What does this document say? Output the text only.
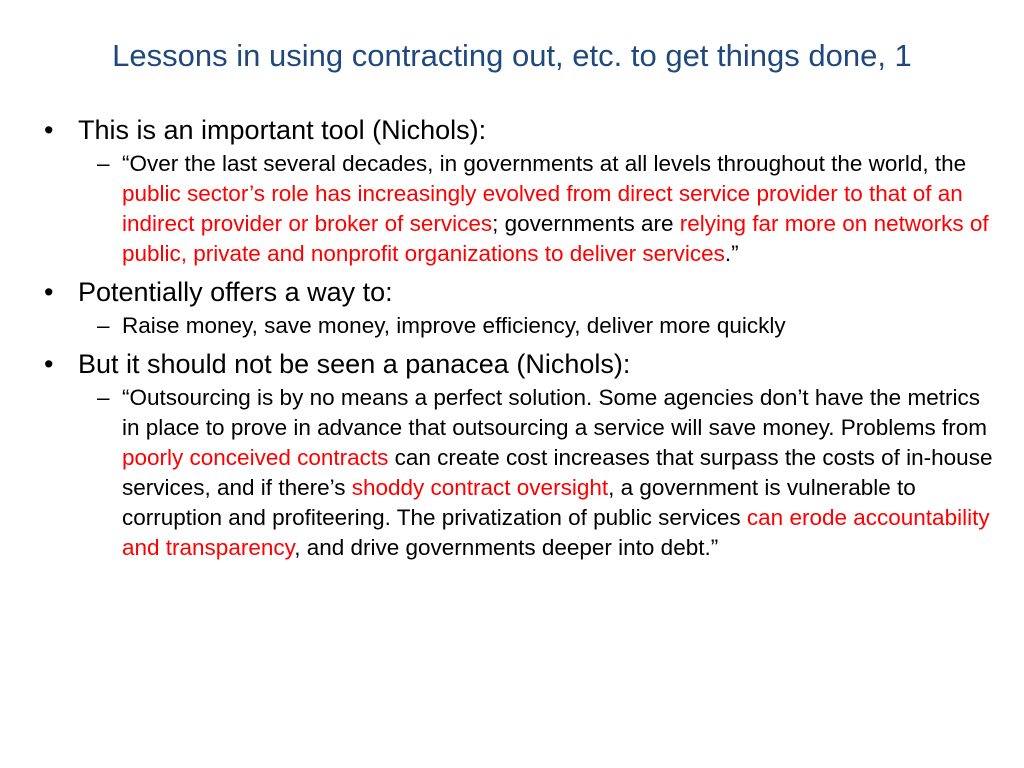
Lessons in using contracting out, etc. to get things done, 1
• This is an important tool (Nichols):
– “Over the last several decades, in governments at all levels throughout the world, the public sector’s role has increasingly evolved from direct service provider to that of an indirect provider or broker of services; governments are relying far more on networks of public, private and nonprofit organizations to deliver services.”
• Potentially offers a way to:
– Raise money, save money, improve efficiency, deliver more quickly
• But it should not be seen a panacea (Nichols):
– “Outsourcing is by no means a perfect solution. Some agencies don’t have the metrics in place to prove in advance that outsourcing a service will save money. Problems from poorly conceived contracts can create cost increases that surpass the costs of in-house services, and if there’s shoddy contract oversight, a government is vulnerable to corruption and profiteering. The privatization of public services can erode accountability and transparency, and drive governments deeper into debt.”
